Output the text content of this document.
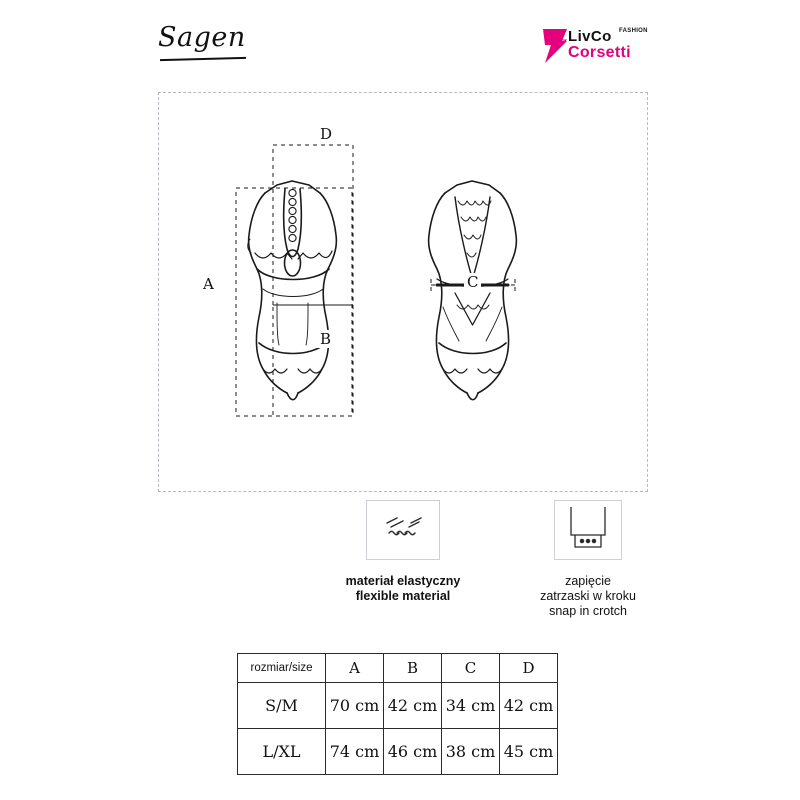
Sagen	LivCo FASHION
Corsetti
A
B
C
D
materiał elastyczny
flexible material
zapięcie
zatrzaski w kroku
snap in crotch
rozmiar/size	A	B	C	D
S/M	70 cm	42 cm	34 cm	42 cm
L/XL	74 cm	46 cm	38 cm	45 cm
